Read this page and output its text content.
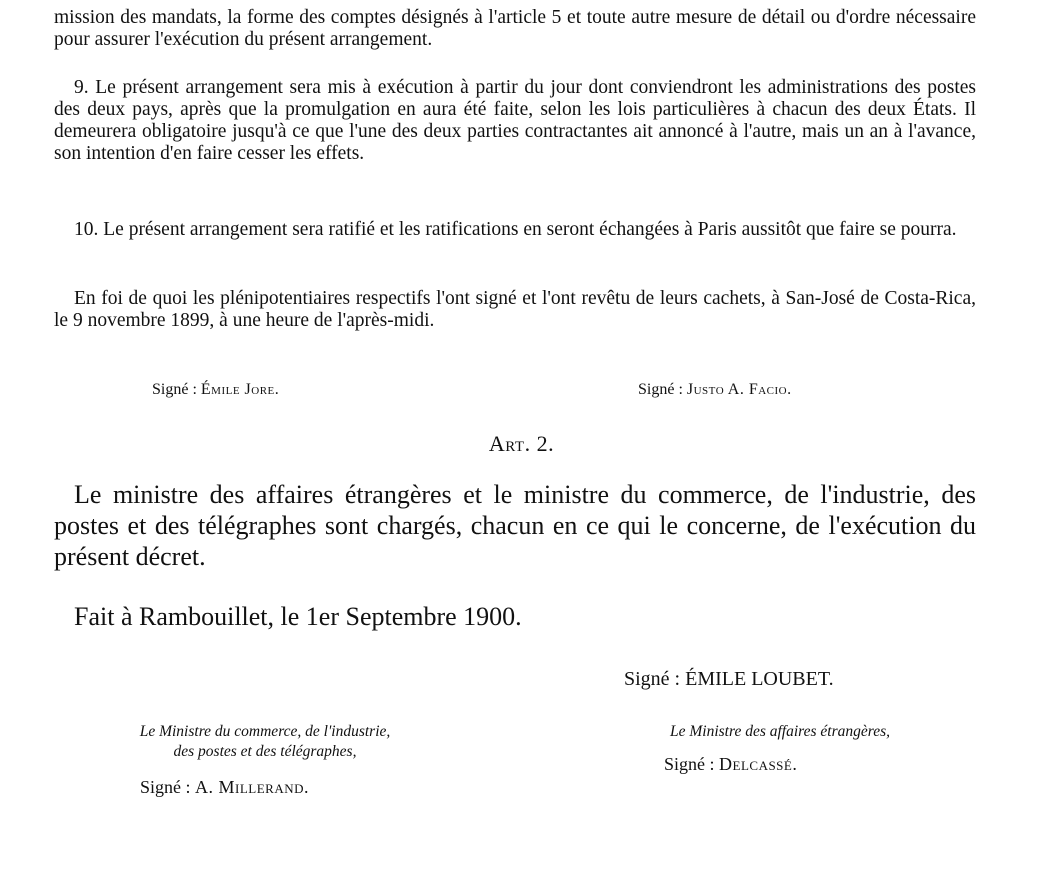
mission des mandats, la forme des comptes désignés à l'article 5 et toute autre mesure de détail ou d'ordre nécessaire pour assurer l'exécution du présent arrangement.

9. Le présent arrangement sera mis à exécution à partir du jour dont conviendront les administrations des postes des deux pays, après que la promulgation en aura été faite, selon les lois particulières à chacun des deux États. Il demeurera obligatoire jusqu'à ce que l'une des deux parties contractantes ait annoncé à l'autre, mais un an à l'avance, son intention d'en faire cesser les effets.

10. Le présent arrangement sera ratifié et les ratifications en seront échangées à Paris aussitôt que faire se pourra.

En foi de quoi les plénipotentiaires respectifs l'ont signé et l'ont revêtu de leurs cachets, à San-José de Costa-Rica, le 9 novembre 1899, à une heure de l'après-midi.

Signé : Émile Jore.	Signé : Justo A. Facio.
Art. 2.

Le ministre des affaires étrangères et le ministre du commerce, de l'industrie, des postes et des télégraphes sont chargés, chacun en ce qui le concerne, de l'exécution du présent décret.

Fait à Rambouillet, le 1er Septembre 1900.
Signé : ÉMILE LOUBET.
Le Ministre du commerce, de l'industrie,
des postes et des télégraphes,
Signé : A. Millerand.
Le Ministre des affaires étrangères,
Signé : Delcassé.
